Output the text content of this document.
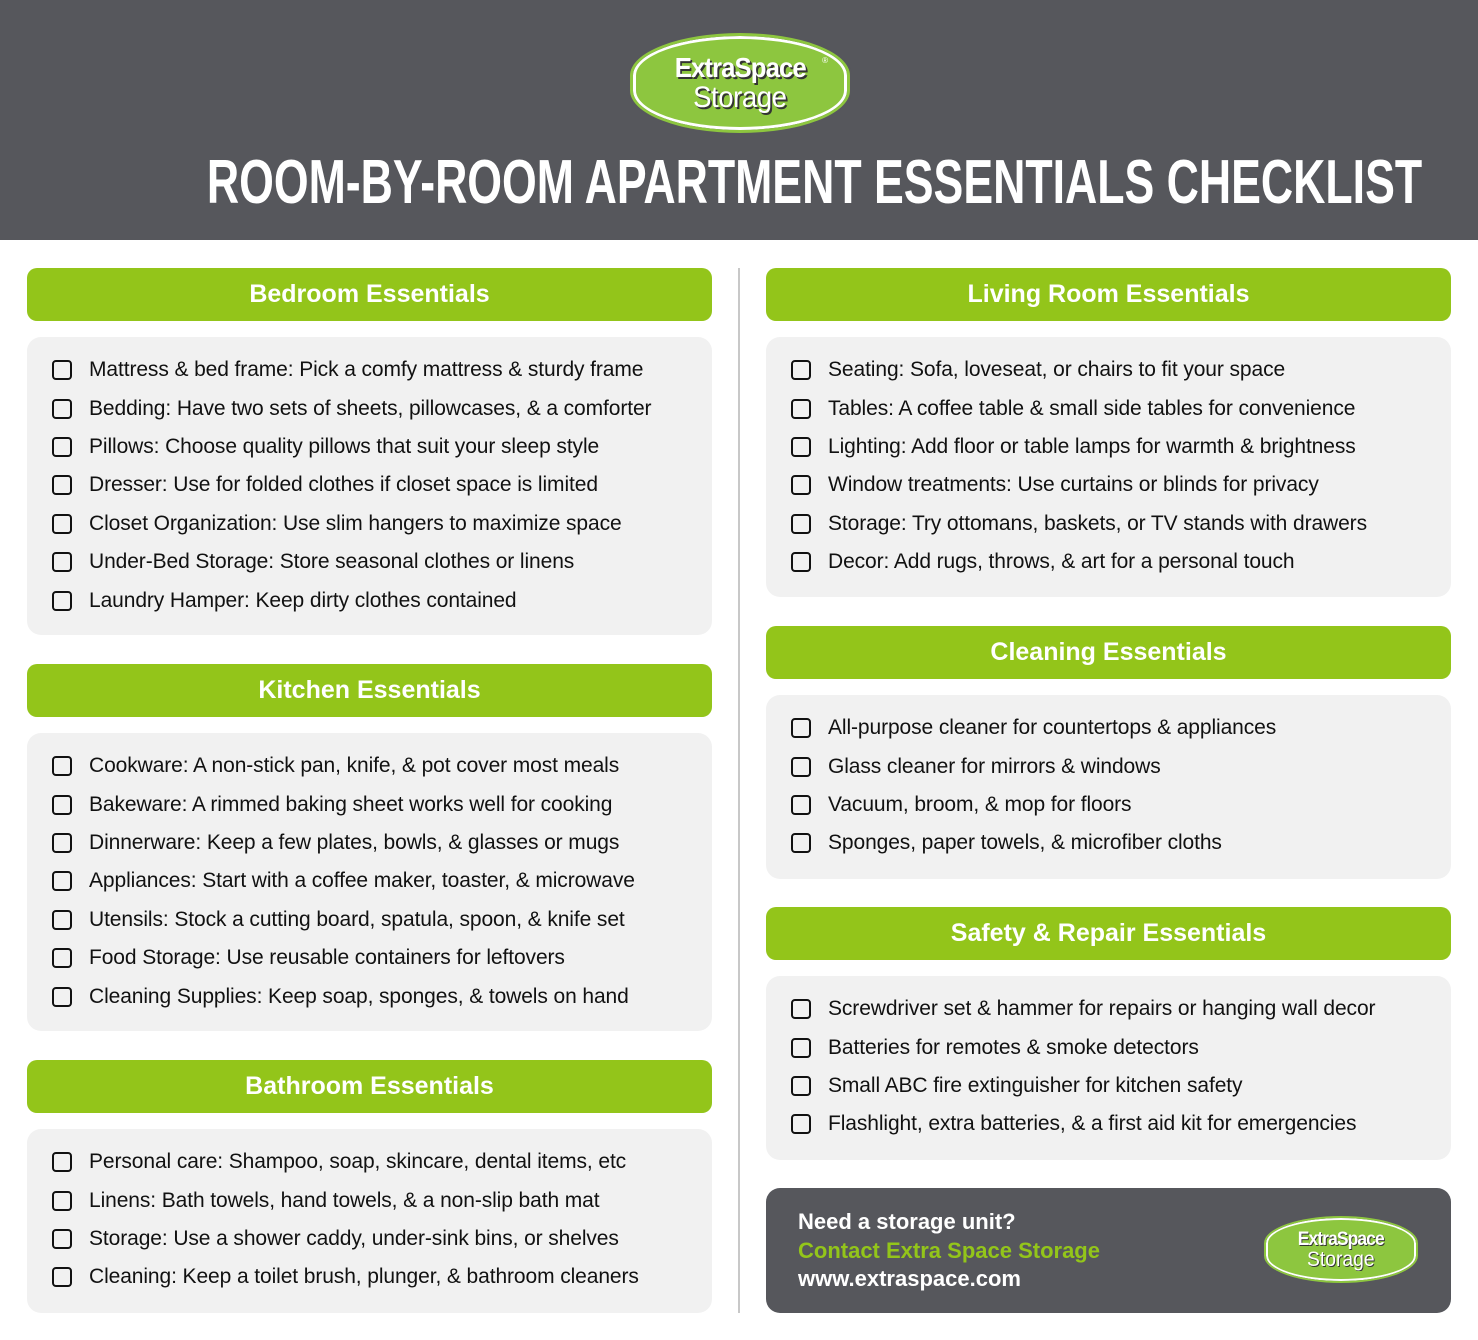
ExtraSpace
Storage
®
ROOM-BY-ROOM APARTMENT ESSENTIALS CHECKLIST
Bedroom Essentials
Mattress & bed frame: Pick a comfy mattress & sturdy frame
Bedding: Have two sets of sheets, pillowcases, & a comforter
Pillows: Choose quality pillows that suit your sleep style
Dresser: Use for folded clothes if closet space is limited
Closet Organization: Use slim hangers to maximize space
Under-Bed Storage: Store seasonal clothes or linens
Laundry Hamper: Keep dirty clothes contained
Kitchen Essentials
Cookware: A non-stick pan, knife, & pot cover most meals
Bakeware: A rimmed baking sheet works well for cooking
Dinnerware: Keep a few plates, bowls, & glasses or mugs
Appliances: Start with a coffee maker, toaster, & microwave
Utensils: Stock a cutting board, spatula, spoon, & knife set
Food Storage: Use reusable containers for leftovers
Cleaning Supplies: Keep soap, sponges, & towels on hand
Bathroom Essentials
Personal care: Shampoo, soap, skincare, dental items, etc
Linens: Bath towels, hand towels, & a non-slip bath mat
Storage: Use a shower caddy, under-sink bins, or shelves
Cleaning: Keep a toilet brush, plunger, & bathroom cleaners
Living Room Essentials
Seating: Sofa, loveseat, or chairs to fit your space
Tables: A coffee table & small side tables for convenience
Lighting: Add floor or table lamps for warmth & brightness
Window treatments: Use curtains or blinds for privacy
Storage: Try ottomans, baskets, or TV stands with drawers
Decor: Add rugs, throws, & art for a personal touch
Cleaning Essentials
All-purpose cleaner for countertops & appliances
Glass cleaner for mirrors & windows
Vacuum, broom, & mop for floors
Sponges, paper towels, & microfiber cloths
Safety & Repair Essentials
Screwdriver set & hammer for repairs or hanging wall decor
Batteries for remotes & smoke detectors
Small ABC fire extinguisher for kitchen safety
Flashlight, extra batteries, & a first aid kit for emergencies
Need a storage unit?
Contact Extra Space Storage
www.extraspace.com
ExtraSpace
Storage
